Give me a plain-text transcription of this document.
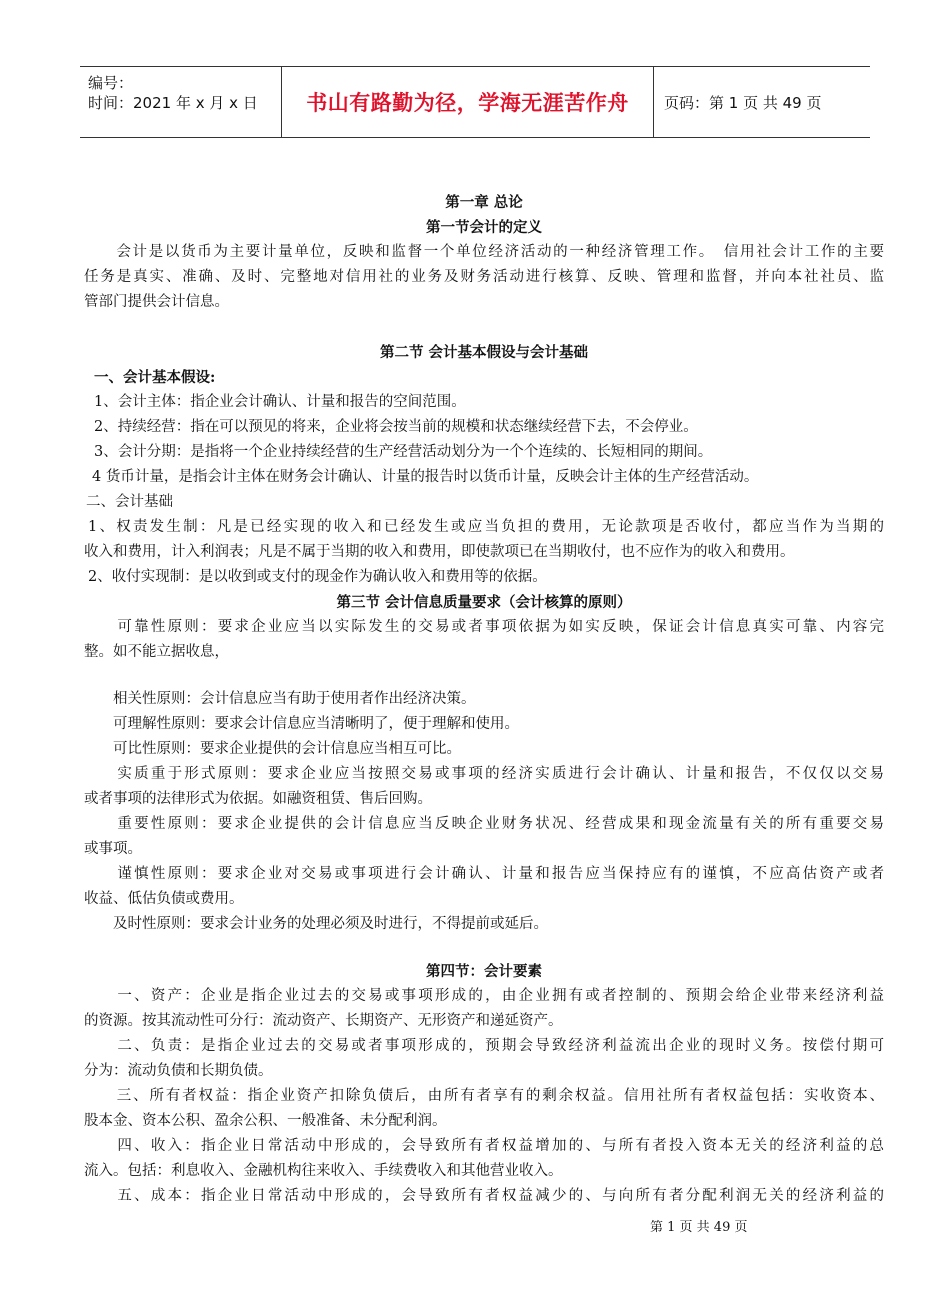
编号：
时间：2021 年 x 月 x 日	书山有路勤为径，学海无涯苦作舟	页码：第 1 页 共 49 页
第一章 总论
第一节会计的定义
　　会计是以货币为主要计量单位，反映和监督一个单位经济活动的一种经济管理工作。　信用社会计工作的主要
任务是真实、准确、及时、完整地对信用社的业务及财务活动进行核算、反映、管理和监督，并向本社社员、监
管部门提供会计信息。
第二节 会计基本假设与会计基础
一、会计基本假设:
1、会计主体：指企业会计确认、计量和报告的空间范围。
2、持续经营：指在可以预见的将来，企业将会按当前的规模和状态继续经营下去，不会停业。
3、会计分期：是指将一个企业持续经营的生产经营活动划分为一个个连续的、长短相同的期间。
4 货币计量，是指会计主体在财务会计确认、计量的报告时以货币计量，反映会计主体的生产经营活动。
二、会计基础
1、权责发生制：凡是已经实现的收入和已经发生或应当负担的费用，无论款项是否收付，都应当作为当期的
收入和费用，计入利润表；凡是不属于当期的收入和费用，即使款项已在当期收付，也不应作为的收入和费用。
2、收付实现制：是以收到或支付的现金作为确认收入和费用等的依据。
第三节 会计信息质量要求（会计核算的原则）
　　可靠性原则：要求企业应当以实际发生的交易或者事项依据为如实反映，保证会计信息真实可靠、内容完
整。如不能立据收息，
　　相关性原则：会计信息应当有助于使用者作出经济决策。
　　可理解性原则：要求会计信息应当清晰明了，便于理解和使用。
　　可比性原则：要求企业提供的会计信息应当相互可比。
　　实质重于形式原则：要求企业应当按照交易或事项的经济实质进行会计确认、计量和报告，不仅仅以交易
或者事项的法律形式为依据。如融资租赁、售后回购。
　　重要性原则：要求企业提供的会计信息应当反映企业财务状况、经营成果和现金流量有关的所有重要交易
或事项。
　　谨慎性原则：要求企业对交易或事项进行会计确认、计量和报告应当保持应有的谨慎，不应高估资产或者
收益、低估负债或费用。
　　及时性原则：要求会计业务的处理必须及时进行，不得提前或延后。
第四节：会计要素
　　一、资产：企业是指企业过去的交易或事项形成的，由企业拥有或者控制的、预期会给企业带来经济利益
的资源。按其流动性可分行：流动资产、长期资产、无形资产和递延资产。
　　二、负责：是指企业过去的交易或者事项形成的，预期会导致经济利益流出企业的现时义务。按偿付期可
分为：流动负债和长期负债。
　　三、所有者权益：指企业资产扣除负债后，由所有者享有的剩余权益。信用社所有者权益包括：实收资本、
股本金、资本公积、盈余公积、一般准备、未分配利润。
　　四、收入：指企业日常活动中形成的，会导致所有者权益增加的、与所有者投入资本无关的经济利益的总
流入。包括：利息收入、金融机构往来收入、手续费收入和其他营业收入。
　　五、成本：指企业日常活动中形成的，会导致所有者权益减少的、与向所有者分配利润无关的经济利益的
第 1 页 共 49 页
